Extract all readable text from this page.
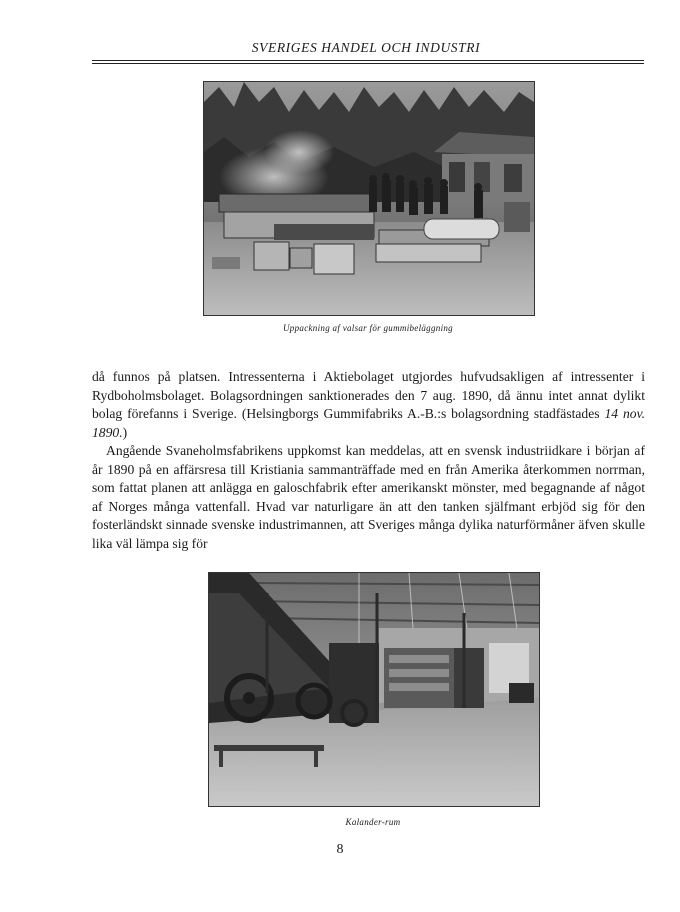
SVERIGES HANDEL OCH INDUSTRI
Uppackning af valsar för gummibeläggning

då funnos på platsen. Intressenterna i Aktiebolaget utgjordes hufvudsakligen af intressenter i Rydboholmsbolaget. Bolagsordningen sanktionerades den 7 aug. 1890, då ännu intet annat dylikt bolag förefanns i Sverige. (Helsingborgs Gummifabriks A.-B.:s bolagsordning stadfästades 14 nov. 1890.)

Angående Svaneholmsfabrikens uppkomst kan meddelas, att en svensk industriidkare i början af år 1890 på en affärsresa till Kristiania sammanträffade med en från Amerika återkommen norrman, som fattat planen att anlägga en galoschfabrik efter amerikanskt mönster, med begagnande af något af Norges många vattenfall. Hvad var naturligare än att den tanken själfmant erbjöd sig för den fosterländskt sinnade svenske industrimannen, att Sveriges många dylika naturförmåner äfven skulle lika väl lämpa sig för

Kalander-rum
8
